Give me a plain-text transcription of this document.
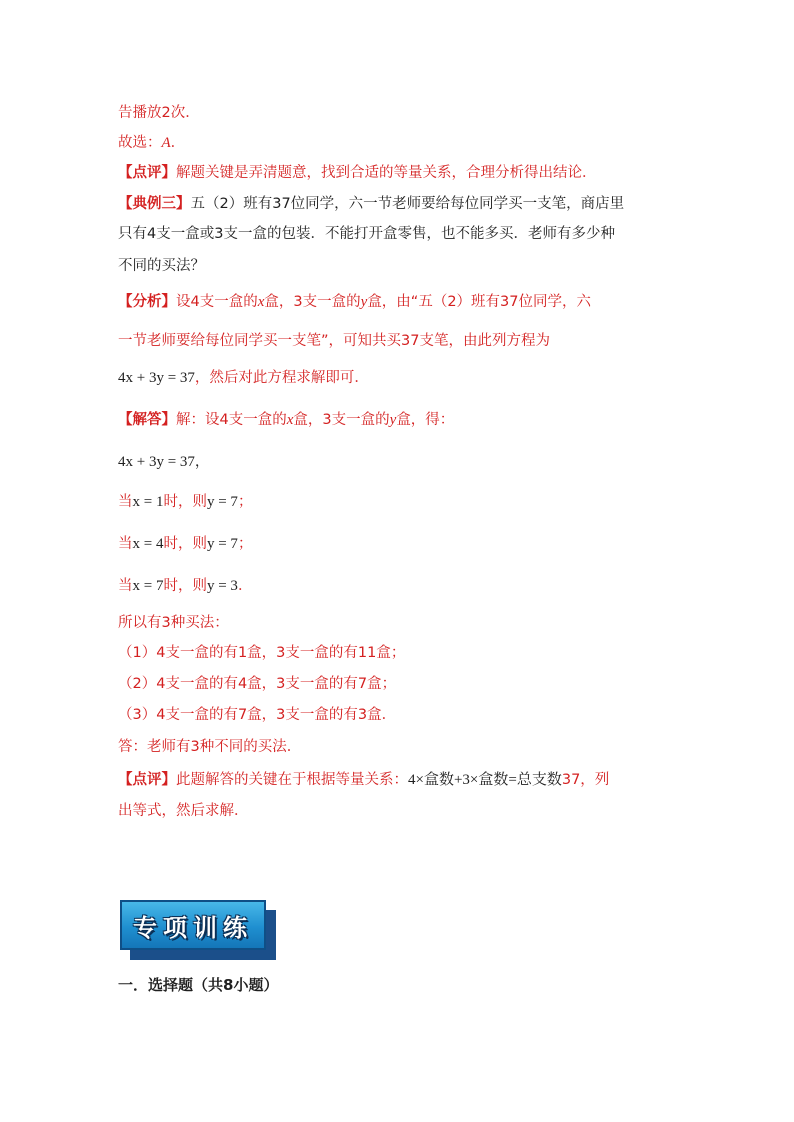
告播放2次．
故选：A．
【点评】解题关键是弄清题意，找到合适的等量关系，合理分析得出结论．
【典例三】五（2）班有37位同学，六一节老师要给每位同学买一支笔，商店里
只有4支一盒或3支一盒的包装．不能打开盒零售，也不能多买．老师有多少种
不同的买法？
【分析】设4支一盒的x盒，3支一盒的y盒，由“五（2）班有37位同学，六
一节老师要给每位同学买一支笔”，可知共买37支笔，由此列方程为
4x + 3y = 37，然后对此方程求解即可．
【解答】解：设4支一盒的x盒，3支一盒的y盒，得：
4x + 3y = 37，
当x = 1时，则y = 7；
当x = 4时，则y = 7；
当x = 7时，则y = 3．
所以有3种买法：
（1）4支一盒的有1盒，3支一盒的有11盒；
（2）4支一盒的有4盒，3支一盒的有7盒；
（3）4支一盒的有7盒，3支一盒的有3盒．
答：老师有3种不同的买法．
【点评】此题解答的关键在于根据等量关系：4×盒数+3×盒数=总支数37，列
出等式，然后求解．
专项训练
一．选择题（共8小题）
